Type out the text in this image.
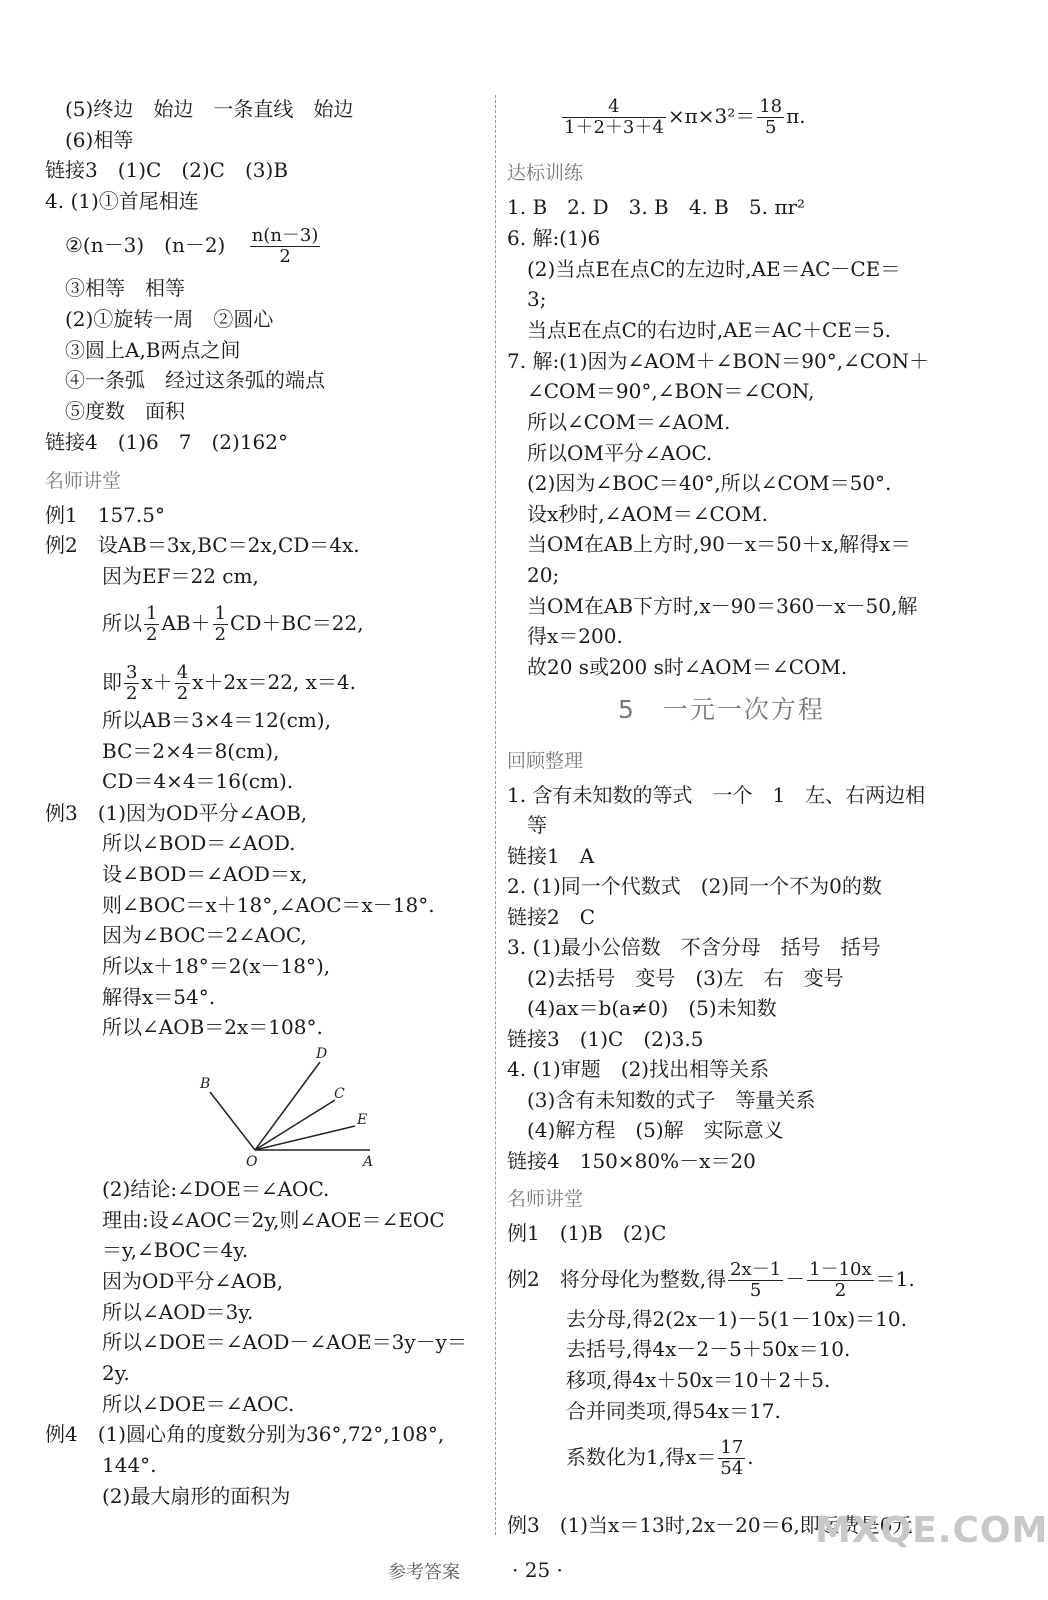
(5)终边　始边　一条直线　始边
(6)相等
链接3　(1)C　(2)C　(3)B
4. (1)①首尾相连
②(n－3)　$(n-2) \frac{n(n-3)}{2}$
③相等　相等
(2)①旋转一周　②圆心
③圆上A,B两点之间
④一条弧　经过这条弧的端点
⑤度数　面积
链接4　(1)6　7　(2)162°
名师讲堂
例1　157.5°
例2　设AB＝3x,BC＝2x,CD＝4x.
因为EF＝22 cm,
所以 $\frac{1}{2} AB+ \frac{1}{2} CD+BC=22$,
即 $\frac{3}{2} x+ \frac{4}{2} x+2x=22$, x＝4.
所以AB＝3×4＝12(cm),
BC＝2×4＝8(cm),
CD＝4×4＝16(cm).
例3　(1)因为OD平分∠AOB,
所以∠BOD＝∠AOD.
设∠BOD＝∠AOD＝x,
则∠BOC＝x＋18°,∠AOC＝x－18°.
因为∠BOC＝2∠AOC,
所以x＋18°＝2(x－18°),
解得x＝54°.
所以∠AOB＝2x＝108°.
B
D
C
E
O	A
(2)结论:∠DOE＝∠AOC.
理由:设∠AOC＝2y,则∠AOE＝∠EOC
＝y,∠BOC＝4y.
因为OD平分∠AOB,
所以∠AOD＝3y.
所以∠DOE＝∠AOD－∠AOE＝3y－y＝
2y.
所以∠DOE＝∠AOC.
例4　(1)圆心角的度数分别为36°,72°,108°,
144°.
(2)最大扇形的面积为
$\frac{4}{1+2+3+4} \times\pi\times 3^2= \frac{18}{5} \pi$.
达标训练
1. B　2. D　3. B　4. B　5. πr²
6. 解:(1)6
(2)当点E在点C的左边时,AE＝AC－CE＝
3;
当点E在点C的右边时,AE＝AC＋CE＝5.
7. 解:(1)因为∠AOM＋∠BON＝90°,∠CON＋
∠COM＝90°,∠BON＝∠CON,
所以∠COM＝∠AOM.
所以OM平分∠AOC.
(2)因为∠BOC＝40°,所以∠COM＝50°.
设x秒时,∠AOM＝∠COM.
当OM在AB上方时,90－x＝50＋x,解得x＝
20;
当OM在AB下方时,x－90＝360－x－50,解
得x＝200.
故20 s或200 s时∠AOM＝∠COM.
5　一元一次方程
回顾整理
1. 含有未知数的等式　一个　1　左、右两边相
等
链接1　A
2. (1)同一个代数式　(2)同一个不为0的数
链接2　C
3. (1)最小公倍数　不含分母　括号　括号
(2)去括号　变号　(3)左　右　变号
(4)ax＝b(a≠0)　(5)未知数
链接3　(1)C　(2)3.5
4. (1)审题　(2)找出相等关系
(3)含有未知数的式子　等量关系
(4)解方程　(5)解　实际意义
链接4　150×80%－x＝20
名师讲堂
例1　(1)B　(2)C
例2　将分母化为整数,得 $\frac{2x-1}{5} - \frac{1-10x}{2} =1$.
去分母,得2(2x－1)－5(1－10x)＝10.
去括号,得4x－2－5＋50x＝10.
移项,得4x＋50x＝10＋2＋5.
合并同类项,得54x＝17.
系数化为1,得$x= \frac{17}{54}$ .
例3　(1)当x＝13时,2x－20＝6,即运费是6元
MXQE.COM
参考答案	· 25 ·
